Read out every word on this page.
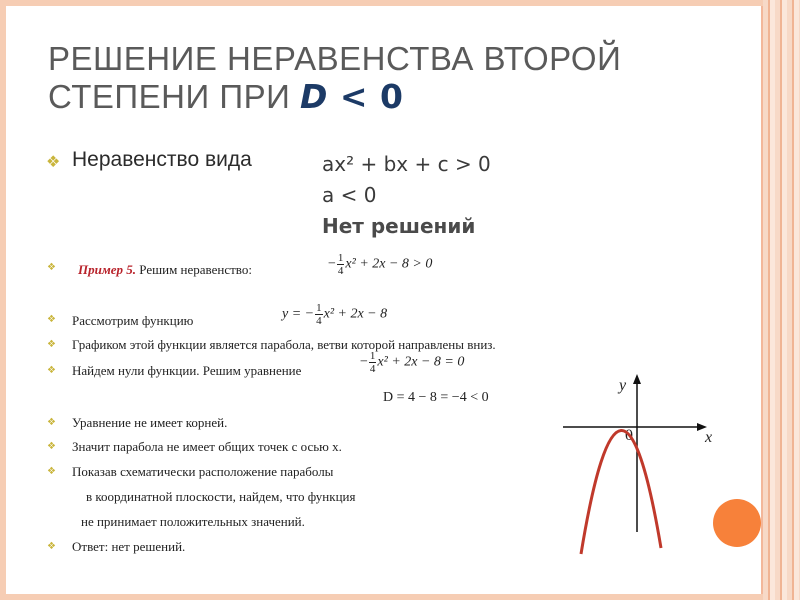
РЕШЕНИЕ НЕРАВЕНСТВА ВТОРОЙ
СТЕПЕНИ ПРИ D < 0
❖ Неравенство вида	ax² + bx + c > 0
a < 0
Нет решений
❖ Пример 5. Решим неравенство:	− $\frac{1}{4} x^2 + 2x - 8 > 0$
❖ Рассмотрим функцию	y = − $\frac{1}{4} x^2 + 2x - 8$
❖ Графиком этой функции является парабола, ветви которой направлены вниз.
❖ Найдем нули функции. Решим уравнение
− $\frac{1}{4} x^2 + 2x - 8 = 0$
D = 4 − 8 = −4 < 0
❖ Уравнение не имеет корней.
❖ Значит парабола не имеет общих точек с осью x.
❖ Показав схематически расположение параболы
в координатной плоскости, найдем, что функция
не принимает положительных значений.
❖ Ответ: нет решений.
y
x
0
